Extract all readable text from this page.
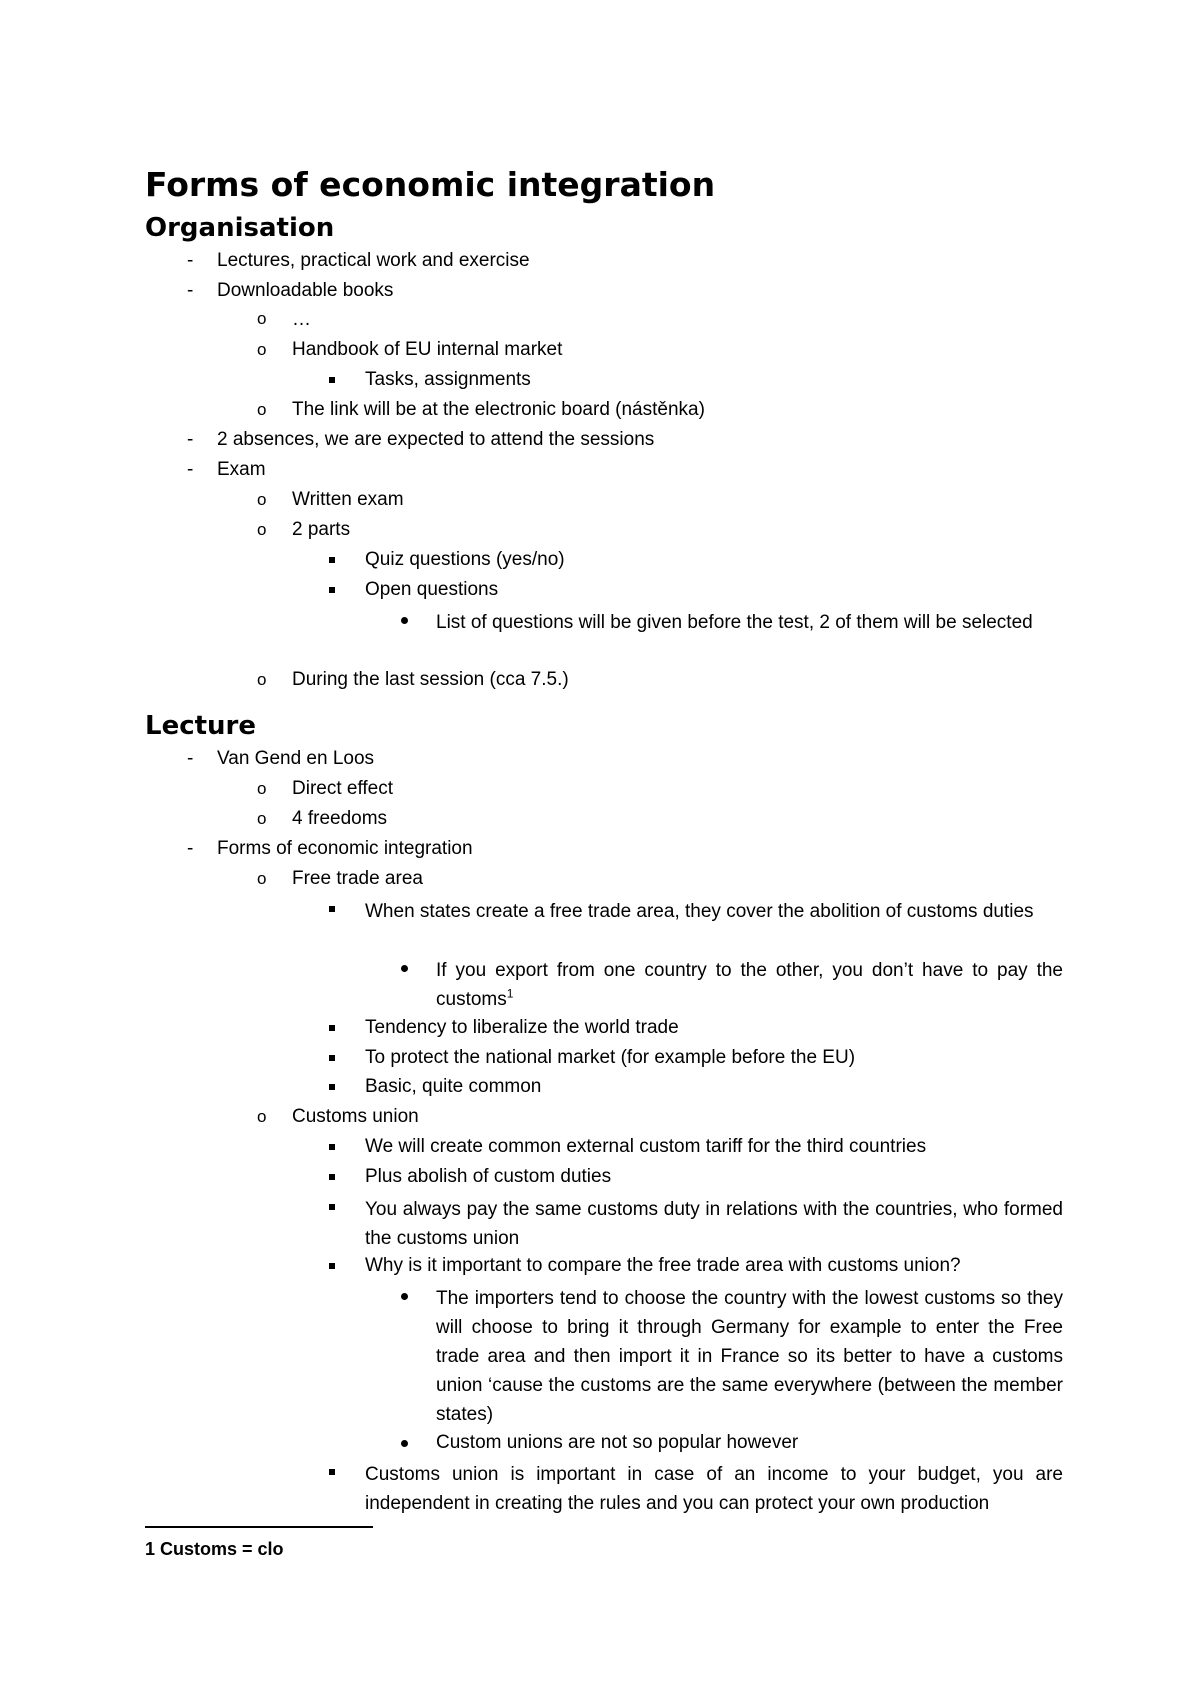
Forms of economic integration
Organisation
- Lectures, practical work and exercise
- Downloadable books
o …
o Handbook of EU internal market
Tasks, assignments
o The link will be at the electronic board (nástěnka)
- 2 absences, we are expected to attend the sessions
- Exam
o Written exam
o 2 parts
Quiz questions (yes/no)
Open questions
List of questions will be given before the test, 2 of them will be selected
o During the last session (cca 7.5.)
Lecture
- Van Gend en Loos
o Direct effect
o 4 freedoms
- Forms of economic integration
o Free trade area
When states create a free trade area, they cover the abolition of customs duties
If you export from one country to the other, you don’t have to pay the customs$^1$
Tendency to liberalize the world trade
To protect the national market (for example before the EU)
Basic, quite common
o Customs union
We will create common external custom tariff for the third countries
Plus abolish of custom duties
You always pay the same customs duty in relations with the countries, who formed the customs union
Why is it important to compare the free trade area with customs union?
The importers tend to choose the country with the lowest customs so they will choose to bring it through Germany for example to enter the Free trade area and then import it in France so its better to have a customs union ‘cause the customs are the same everywhere (between the member states)
Custom unions are not so popular however
Customs union is important in case of an income to your budget, you are independent in creating the rules and you can protect your own production
1 Customs = clo
